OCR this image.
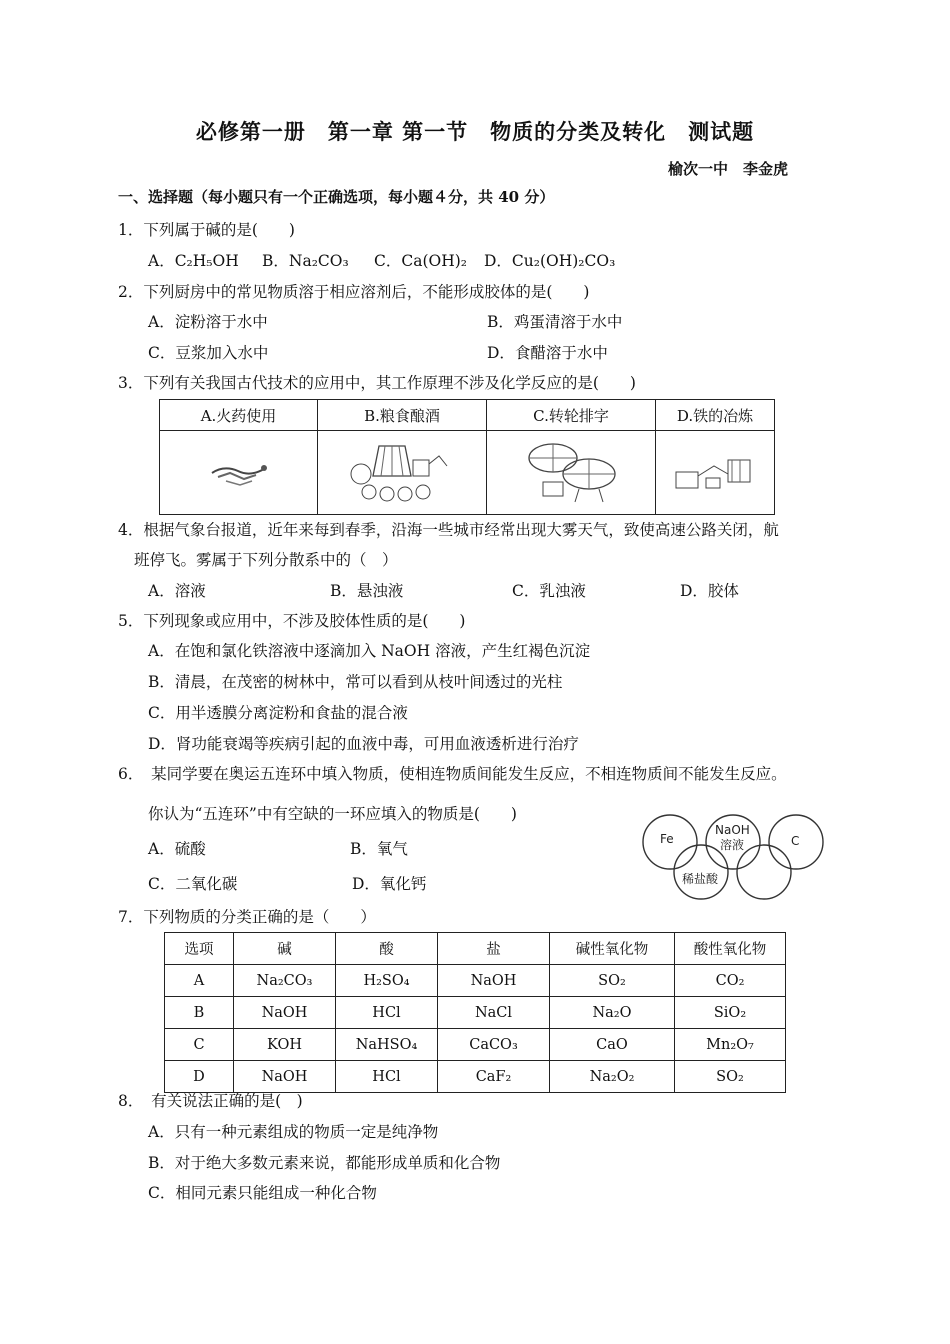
必修第一册　第一章 第一节　物质的分类及转化　测试题
榆次一中　李金虎
一、选择题（每小题只有一个正确选项，每小题４分，共 40 分）
1．下列属于碱的是(　　)
A．C₂H₅OH B．Na₂CO₃ C．Ca(OH)₂ D．Cu₂(OH)₂CO₃
2．下列厨房中的常见物质溶于相应溶剂后，不能形成胶体的是(　　)
A．淀粉溶于水中	B．鸡蛋清溶于水中
C．豆浆加入水中	D．食醋溶于水中
3．下列有关我国古代技术的应用中，其工作原理不涉及化学反应的是(　　)
A.火药使用	B.粮食酿酒	C.转轮排字	D.铁的冶炼

4．根据气象台报道，近年来每到春季，沿海一些城市经常出现大雾天气，致使高速公路关闭，航
班停飞。雾属于下列分散系中的（　）
A．溶液	B．悬浊液	C．乳浊液	D．胶体
5．下列现象或应用中，不涉及胶体性质的是(　　)
A．在饱和氯化铁溶液中逐滴加入 NaOH 溶液，产生红褐色沉淀
B．清晨，在茂密的树林中，常可以看到从枝叶间透过的光柱
C．用半透膜分离淀粉和食盐的混合液
D．肾功能衰竭等疾病引起的血液中毒，可用血液透析进行治疗
6．　某同学要在奥运五连环中填入物质，使相连物质间能发生反应，不相连物质间不能发生反应。
你认为“五连环”中有空缺的一环应填入的物质是(　　)
A．硫酸	B．氧气
C．二氧化碳	D．氧化钙
Fe
NaOH
溶液	C
稀盐酸
7．下列物质的分类正确的是（　　）
选项	碱	酸	盐	碱性氧化物	酸性氧化物
A	Na₂CO₃	H₂SO₄	NaOH	SO₂	CO₂
B	NaOH	HCl	NaCl	Na₂O	SiO₂
C	KOH	NaHSO₄	CaCO₃	CaO	Mn₂O₇
D	NaOH	HCl	CaF₂	Na₂O₂	SO₂
8．　有关说法正确的是(　)
A．只有一种元素组成的物质一定是纯净物
B．对于绝大多数元素来说，都能形成单质和化合物
C．相同元素只能组成一种化合物
